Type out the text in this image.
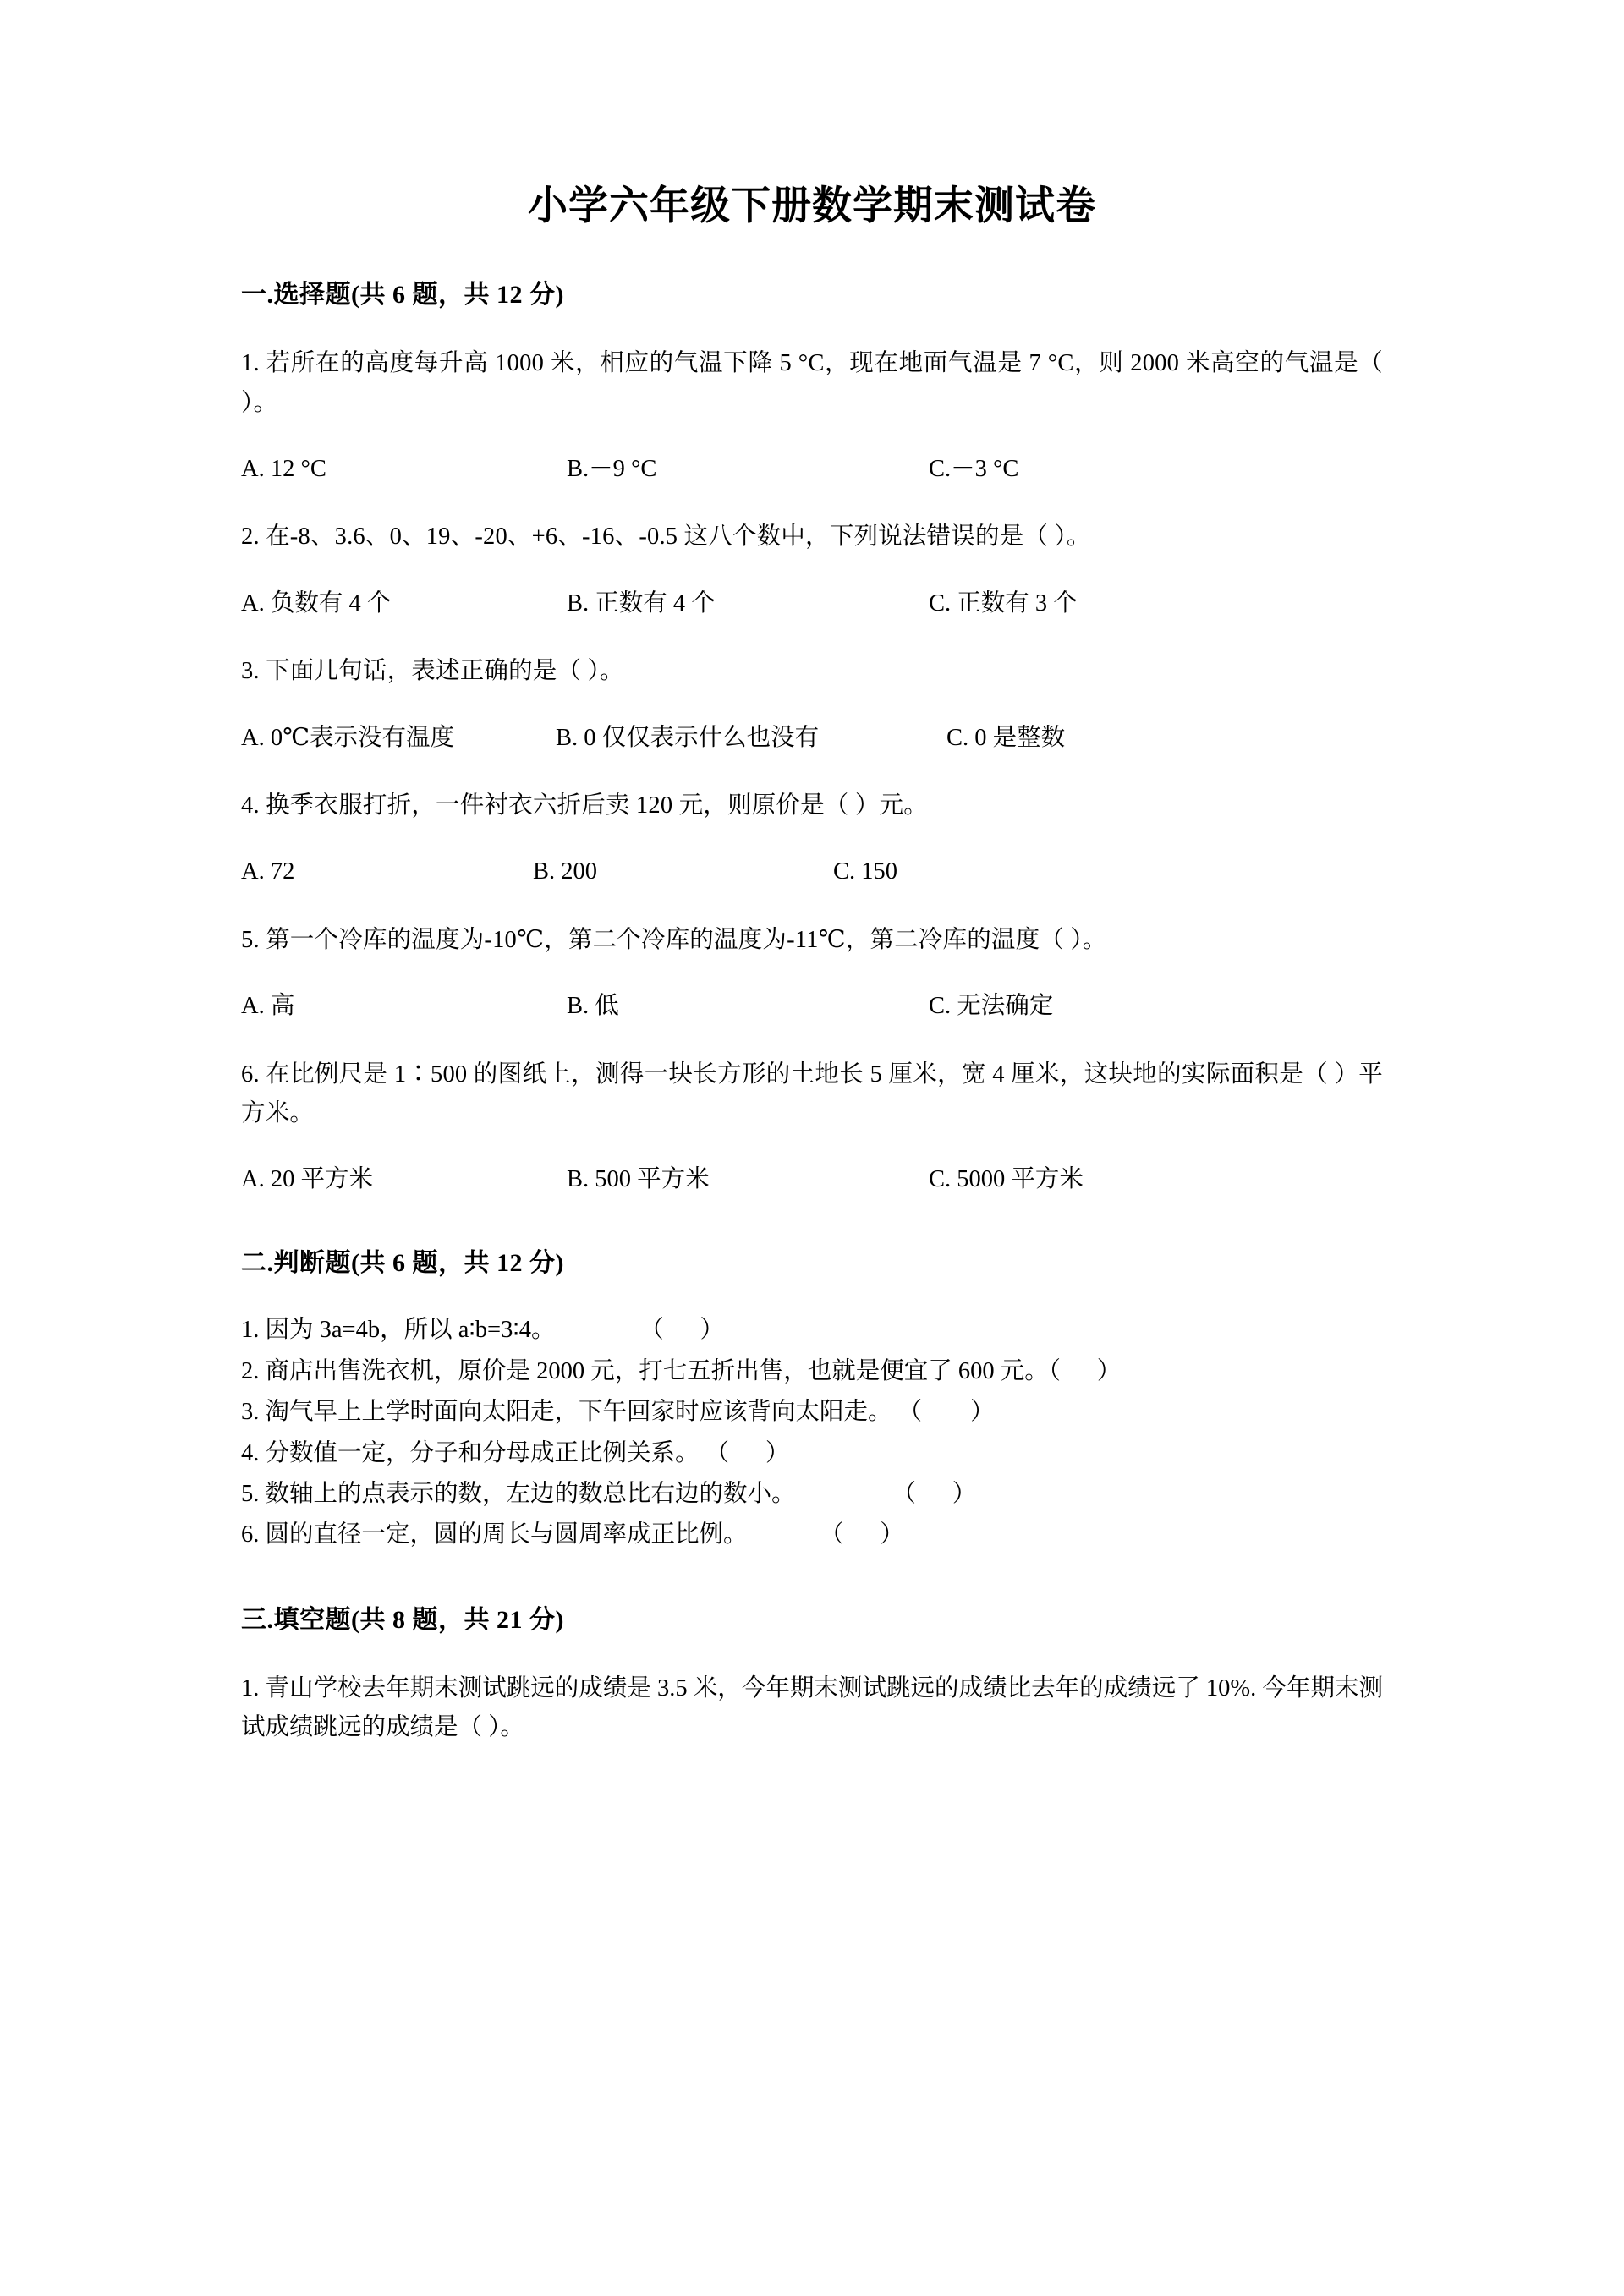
小学六年级下册数学期末测试卷
一.选择题(共 6 题，共 12 分)

1. 若所在的高度每升高 1000 米，相应的气温下降 5 °C，现在地面气温是 7 °C，则 2000 米高空的气温是（ ）。

A. 12 °C	B.－9 °C	C.－3 °C

2. 在-8、3.6、0、19、-20、+6、-16、-0.5 这八个数中，下列说法错误的是（ ）。

A. 负数有 4 个	B. 正数有 4 个	C. 正数有 3 个

3. 下面几句话，表述正确的是（ ）。

A. 0℃表示没有温度	B. 0 仅仅表示什么也没有	C. 0 是整数

4. 换季衣服打折，一件衬衣六折后卖 120 元，则原价是（ ）元。

A. 72	B. 200	C. 150

5. 第一个冷库的温度为-10℃，第二个冷库的温度为-11℃，第二冷库的温度（ ）。

A. 高	B. 低	C. 无法确定

6. 在比例尺是 1∶500 的图纸上，测得一块长方形的土地长 5 厘米，宽 4 厘米，这块地的实际面积是（ ）平方米。

A. 20 平方米	B. 500 平方米	C. 5000 平方米
二.判断题(共 6 题，共 12 分)

1. 因为 3a=4b，所以 a∶b=3∶4。	（      ）

2. 商店出售洗衣机，原价是 2000 元，打七五折出售，也就是便宜了 600 元。（      ）

3. 淘气早上上学时面向太阳走，下午回家时应该背向太阳走。 （        ）

4. 分数值一定，分子和分母成正比例关系。 （      ）

5. 数轴上的点表示的数，左边的数总比右边的数小。	（      ）

6. 圆的直径一定，圆的周长与圆周率成正比例。	（      ）

三.填空题(共 8 题，共 21 分)

1. 青山学校去年期末测试跳远的成绩是 3.5 米，今年期末测试跳远的成绩比去年的成绩远了 10%. 今年期末测试成绩跳远的成绩是（ ）。
